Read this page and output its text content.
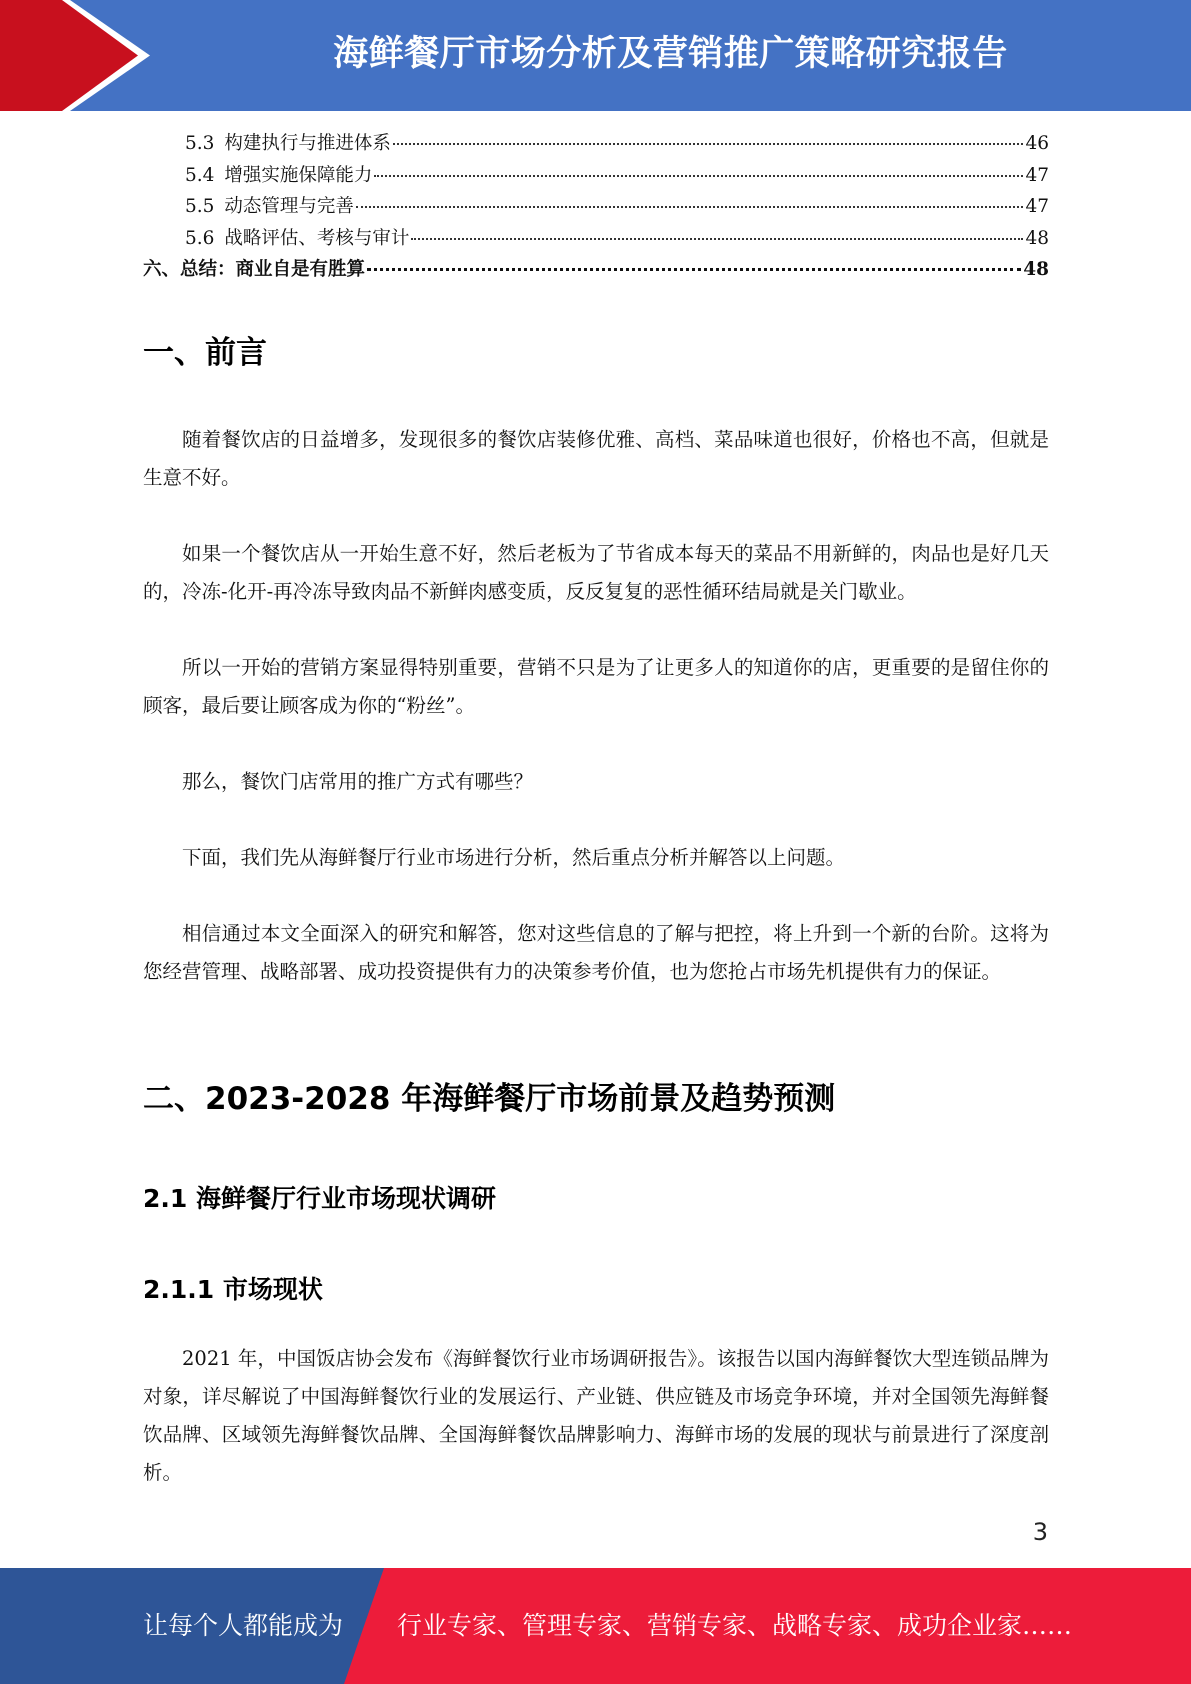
海鲜餐厅市场分析及营销推广策略研究报告
5.3 构建执行与推进体系	46
5.4 增强实施保障能力	47
5.5 动态管理与完善	47
5.6 战略评估、考核与审计	48
六、总结：商业自是有胜算	48
一、前言

随着餐饮店的日益增多，发现很多的餐饮店装修优雅、高档、菜品味道也很好，价格也不高，但就是生意不好。

如果一个餐饮店从一开始生意不好，然后老板为了节省成本每天的菜品不用新鲜的，肉品也是好几天的，冷冻-化开-再冷冻导致肉品不新鲜肉感变质，反反复复的恶性循环结局就是关门歇业。

所以一开始的营销方案显得特别重要，营销不只是为了让更多人的知道你的店，更重要的是留住你的顾客，最后要让顾客成为你的“粉丝”。

那么，餐饮门店常用的推广方式有哪些？

下面，我们先从海鲜餐厅行业市场进行分析，然后重点分析并解答以上问题。

相信通过本文全面深入的研究和解答，您对这些信息的了解与把控，将上升到一个新的台阶。这将为您经营管理、战略部署、成功投资提供有力的决策参考价值，也为您抢占市场先机提供有力的保证。

二、2023-2028 年海鲜餐厅市场前景及趋势预测
2.1 海鲜餐厅行业市场现状调研
2.1.1 市场现状

2021 年，中国饭店协会发布《海鲜餐饮行业市场调研报告》。该报告以国内海鲜餐饮大型连锁品牌为对象，详尽解说了中国海鲜餐饮行业的发展运行、产业链、供应链及市场竞争环境，并对全国领先海鲜餐饮品牌、区域领先海鲜餐饮品牌、全国海鲜餐饮品牌影响力、海鲜市场的发展的现状与前景进行了深度剖析。

3
让每个人都能成为 行业专家、管理专家、营销专家、战略专家、成功企业家……
